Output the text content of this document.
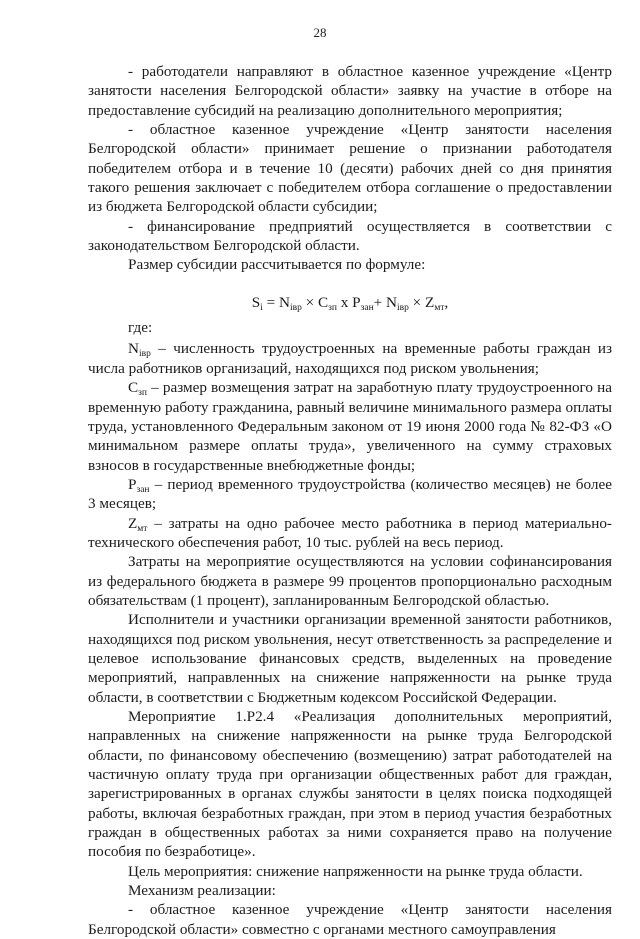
28

- работодатели направляют в областное казенное учреждение «Центр занятости населения Белгородской области» заявку на участие в отборе на предоставление субсидий на реализацию дополнительного мероприятия;

- областное казенное учреждение «Центр занятости населения Белгородской области» принимает решение о признании работодателя победителем отбора и в течение 10 (десяти) рабочих дней со дня принятия такого решения заключает с победителем отбора соглашение о предоставлении из бюджета Белгородской области субсидии;

- финансирование предприятий осуществляется в соответствии с законодательством Белгородской области.

Размер субсидии рассчитывается по формуле:

$S_i = N_{iвр} \times C_{зп}$ x $P_{зан}+ N_{iвр} \times Z_{мт}$,

где:

$N_{iвр}$ – численность трудоустроенных на временные работы граждан из числа работников организаций, находящихся под риском увольнения;

$C_{зп}$ – размер возмещения затрат на заработную плату трудоустроенного на временную работу гражданина, равный величине минимального размера оплаты труда, установленного Федеральным законом от 19 июня 2000 года № 82-ФЗ «О минимальном размере оплаты труда», увеличенного на сумму страховых взносов в государственные внебюджетные фонды;

$P_{зан}$ – период временного трудоустройства (количество месяцев) не более 3 месяцев;

$Z_{мт}$ – затраты на одно рабочее место работника в период материально-технического обеспечения работ, 10 тыс. рублей на весь период.

Затраты на мероприятие осуществляются на условии софинансирования из федерального бюджета в размере 99 процентов пропорционально расходным обязательствам (1 процент), запланированным Белгородской областью.

Исполнители и участники организации временной занятости работников, находящихся под риском увольнения, несут ответственность за распределение и целевое использование финансовых средств, выделенных на проведение мероприятий, направленных на снижение напряженности на рынке труда области, в соответствии с Бюджетным кодексом Российской Федерации.

Мероприятие 1.Р2.4 «Реализация дополнительных мероприятий, направленных на снижение напряженности на рынке труда Белгородской области, по финансовому обеспечению (возмещению) затрат работодателей на частичную оплату труда при организации общественных работ для граждан, зарегистрированных в органах службы занятости в целях поиска подходящей работы, включая безработных граждан, при этом в период участия безработных граждан в общественных работах за ними сохраняется право на получение пособия по безработице».

Цель мероприятия: снижение напряженности на рынке труда области.

Механизм реализации:

- областное казенное учреждение «Центр занятости населения Белгородской области» совместно с органами местного самоуправления
